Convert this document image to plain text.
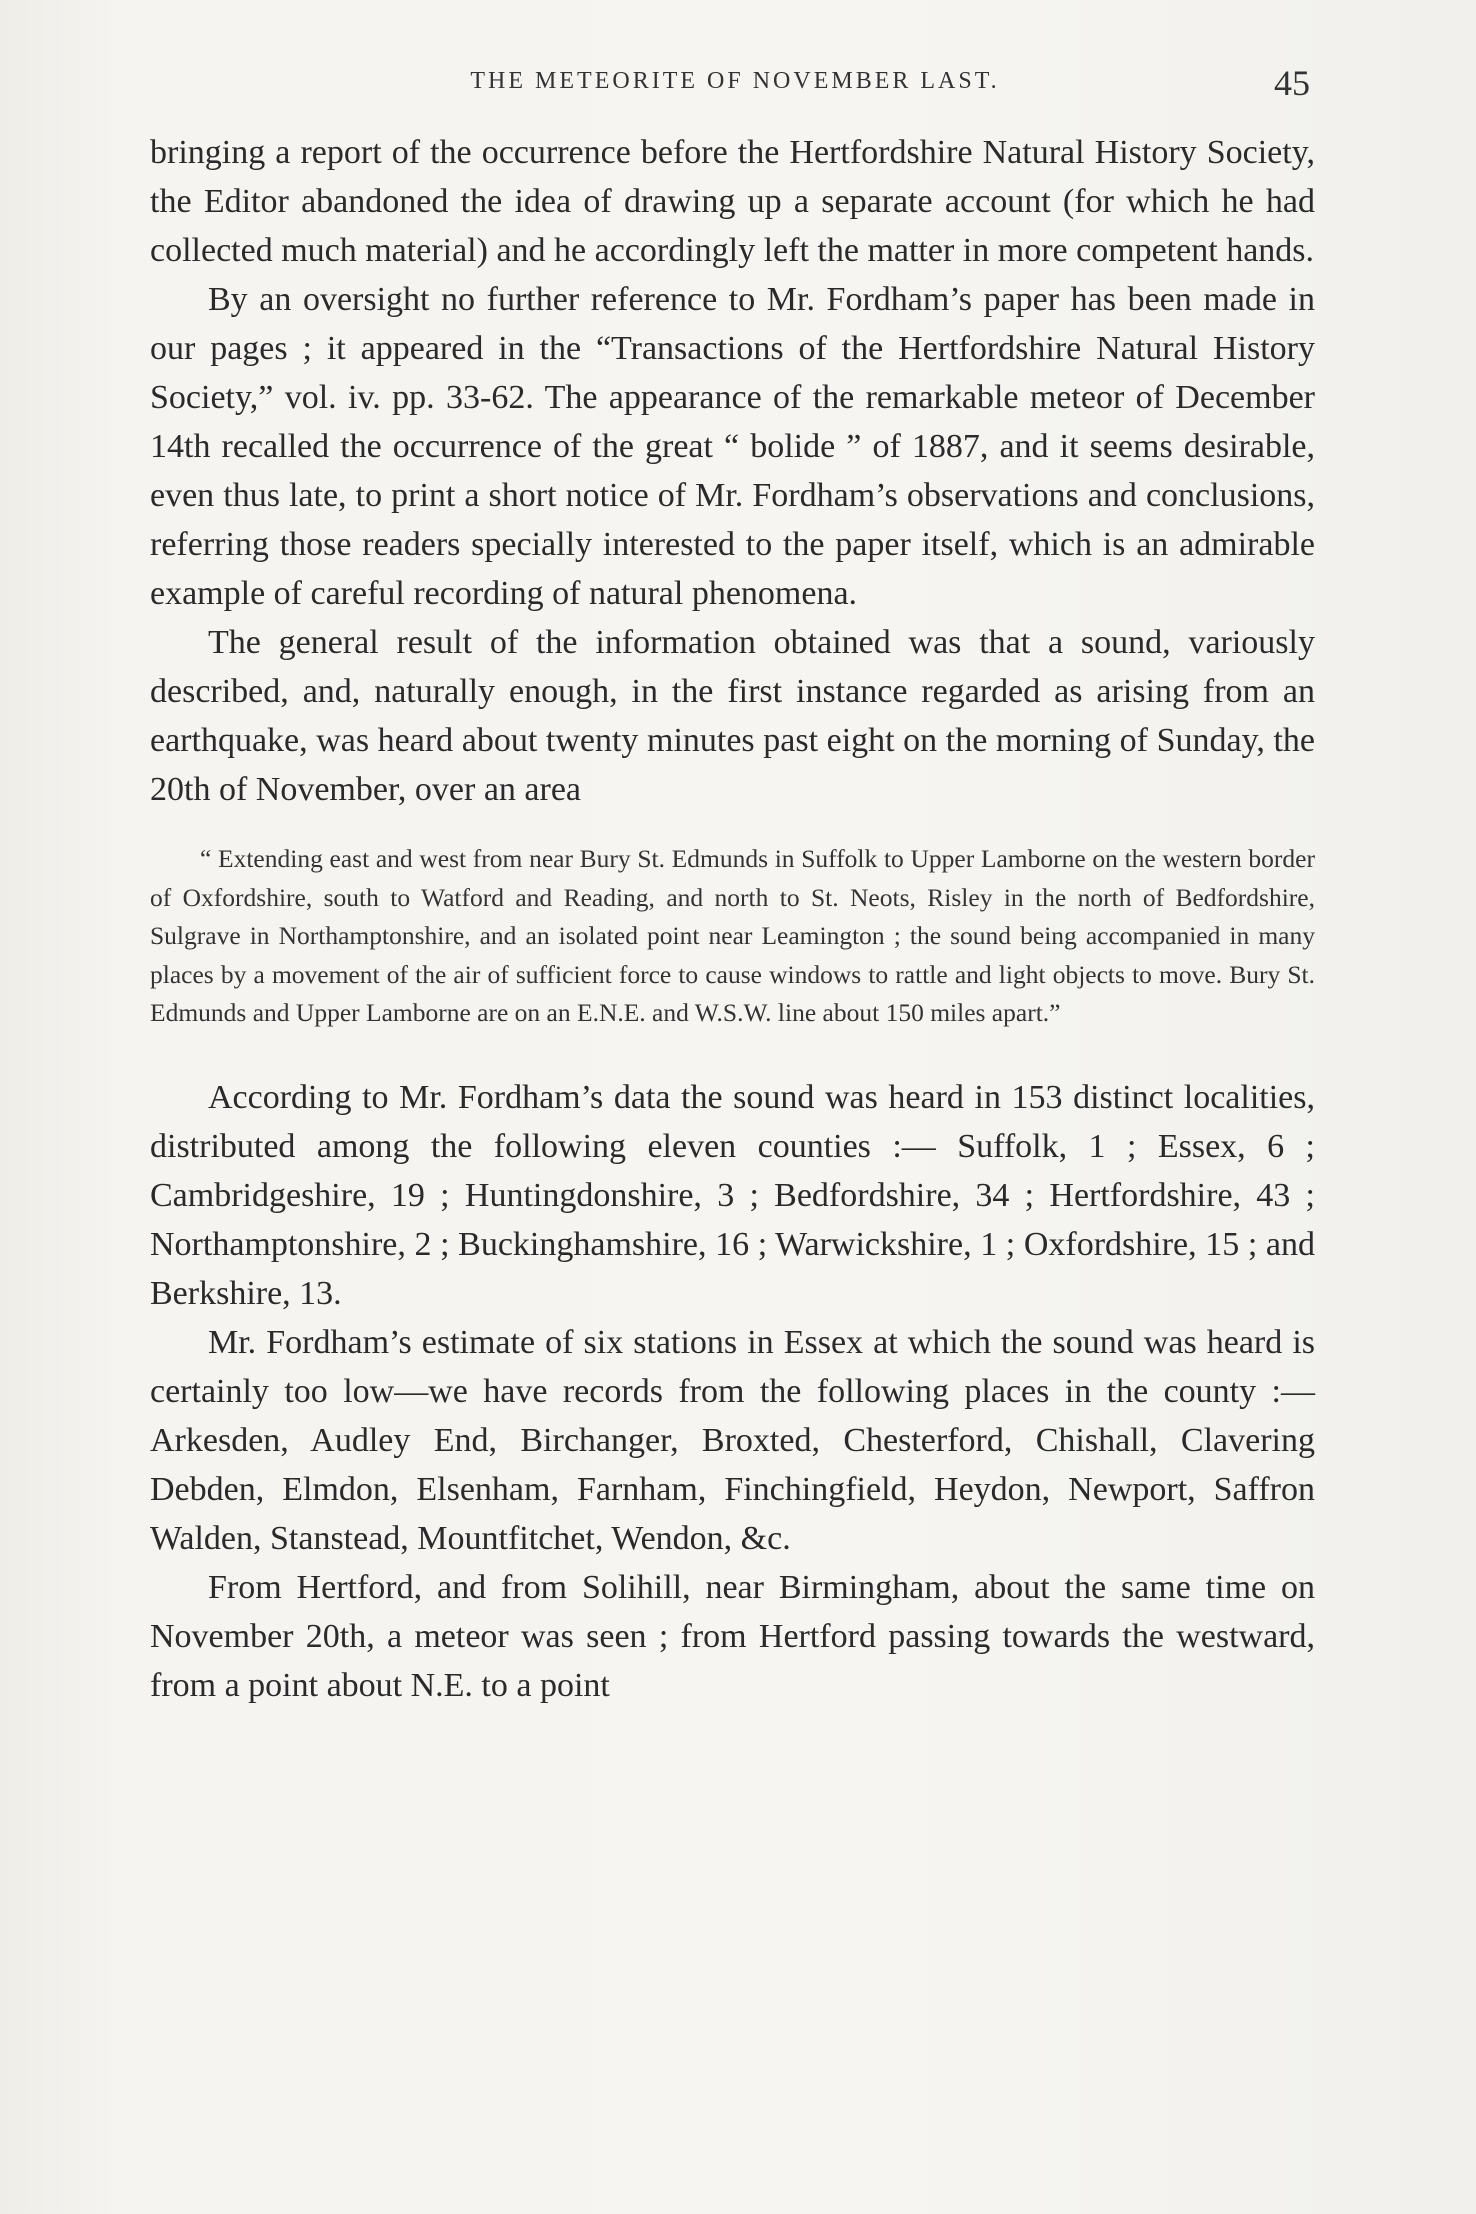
THE METEORITE OF NOVEMBER LAST.	45

bringing a report of the occurrence before the Hertfordshire Natural History Society, the Editor abandoned the idea of drawing up a separate account (for which he had collected much material) and he accordingly left the matter in more competent hands.

By an oversight no further reference to Mr. Fordham’s paper has been made in our pages ; it appeared in the “Transactions of the Hertfordshire Natural History Society,” vol. iv. pp. 33-62. The appearance of the remarkable meteor of December 14th recalled the occurrence of the great “ bolide ” of 1887, and it seems desirable, even thus late, to print a short notice of Mr. Fordham’s observations and conclusions, referring those readers specially interested to the paper itself, which is an admirable example of careful recording of natural phenomena.

The general result of the information obtained was that a sound, variously described, and, naturally enough, in the first instance regarded as arising from an earthquake, was heard about twenty minutes past eight on the morning of Sunday, the 20th of November, over an area

“ Extending east and west from near Bury St. Edmunds in Suffolk to Upper Lamborne on the western border of Oxfordshire, south to Watford and Reading, and north to St. Neots, Risley in the north of Bedfordshire, Sulgrave in Northamptonshire, and an isolated point near Leamington ; the sound being accompanied in many places by a movement of the air of sufficient force to cause windows to rattle and light objects to move. Bury St. Edmunds and Upper Lamborne are on an E.N.E. and W.S.W. line about 150 miles apart.”

According to Mr. Fordham’s data the sound was heard in 153 distinct localities, distributed among the following eleven counties :— Suffolk, 1 ; Essex, 6 ; Cambridgeshire, 19 ; Huntingdonshire, 3 ; Bedfordshire, 34 ; Hertfordshire, 43 ; Northamptonshire, 2 ; Buckinghamshire, 16 ; Warwickshire, 1 ; Oxfordshire, 15 ; and Berkshire, 13.

Mr. Fordham’s estimate of six stations in Essex at which the sound was heard is certainly too low—we have records from the following places in the county :—Arkesden, Audley End, Birchanger, Broxted, Chesterford, Chishall, Clavering Debden, Elmdon, Elsenham, Farnham, Finchingfield, Heydon, Newport, Saffron Walden, Stanstead, Mountfitchet, Wendon, &c.

From Hertford, and from Solihill, near Birmingham, about the same time on November 20th, a meteor was seen ; from Hertford passing towards the westward, from a point about N.E. to a point
